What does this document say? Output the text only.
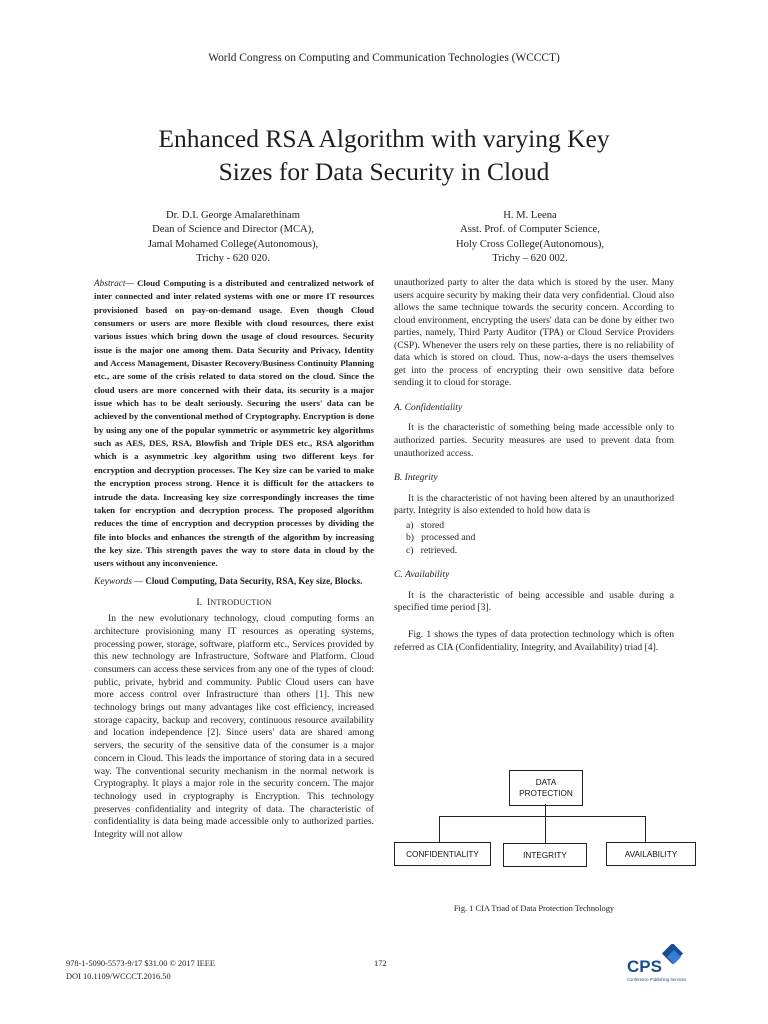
World Congress on Computing and Communication Technologies (WCCCT)
Enhanced RSA Algorithm with varying Key
Sizes for Data Security in Cloud
Dr. D.I. George Amalarethinam
Dean of Science and Director (MCA),
Jamal Mohamed College(Autonomous),
Trichy - 620 020.
H. M. Leena
Asst. Prof. of Computer Science,
Holy Cross College(Autonomous),
Trichy – 620 002.

Abstract— Cloud Computing is a distributed and centralized network of inter connected and inter related systems with one or more IT resources provisioned based on pay-on-demand usage. Even though Cloud consumers or users are more flexible with cloud resources, there exist various issues which bring down the usage of cloud resources. Security issue is the major one among them. Data Security and Privacy, Identity and Access Management, Disaster Recovery/Business Continuity Planning etc., are some of the crisis related to data stored on the cloud. Since the cloud users are more concerned with their data, its security is a major issue which has to be dealt seriously. Securing the users' data can be achieved by the conventional method of Cryptography. Encryption is done by using any one of the popular symmetric or asymmetric key algorithms such as AES, DES, RSA, Blowfish and Triple DES etc., RSA algorithm which is a asymmetric key algorithm using two different keys for encryption and decryption processes. The Key size can be varied to make the encryption process strong. Hence it is difficult for the attackers to intrude the data. Increasing key size correspondingly increases the time taken for encryption and decryption process. The proposed algorithm reduces the time of encryption and decryption processes by dividing the file into blocks and enhances the strength of the algorithm by increasing the key size. This strength paves the way to store data in cloud by the users without any inconvenience.

Keywords — Cloud Computing, Data Security, RSA, Key size, Blocks.

I. INTRODUCTION

In the new evolutionary technology, cloud computing forms an architecture provisioning many IT resources as operating systems, processing power, storage, software, platform etc., Services provided by this new technology are Infrastructure, Software and Platform. Cloud consumers can access these services from any one of the types of cloud: public, private, hybrid and community. Public Cloud users can have more access control over Infrastructure than others [1]. This new technology brings out many advantages like cost efficiency, increased storage capacity, backup and recovery, continuous resource availability and location independence [2]. Since users' data are shared among servers, the security of the sensitive data of the consumer is a major concern in Cloud. This leads the importance of storing data in a secured way. The conventional security mechanism in the normal network is Cryptography. It plays a major role in the security concern. The major technology used in cryptography is Encryption. This technology preserves confidentiality and integrity of data. The characteristic of confidentiality is data being made accessible only to authorized parties. Integrity will not allow

unauthorized party to alter the data which is stored by the user. Many users acquire security by making their data very confidential. Cloud also allows the same technique towards the security concern. According to cloud environment, encrypting the users' data can be done by either two parties, namely, Third Party Auditor (TPA) or Cloud Service Providers (CSP). Whenever the users rely on these parties, there is no reliability of data which is stored on cloud. Thus, now-a-days the users themselves get into the process of encrypting their own sensitive data before sending it to cloud for storage.

A. Confidentiality

It is the characteristic of something being made accessible only to authorized parties. Security measures are used to prevent data from unauthorized access.

B. Integrity

It is the characteristic of not having been altered by an unauthorized party. Integrity is also extended to hold how data is

a)   stored
b)   processed and
c)   retrieved.

C. Availability

It is the characteristic of being accessible and usable during a specified time period [3].

Fig. 1 shows the types of data protection technology which is often referred as CIA (Confidentiality, Integrity, and Availability) triad [4].

DATA
PROTECTION
CONFIDENTIALITY	INTEGRITY	AVAILABILITY
Fig. 1 CIA Triad of Data Protection Technology
978-1-5090-5573-9/17 $31.00 © 2017 IEEE
DOI 10.1109/WCCCT.2016.50
172	CPS
Conference Publishing Services
